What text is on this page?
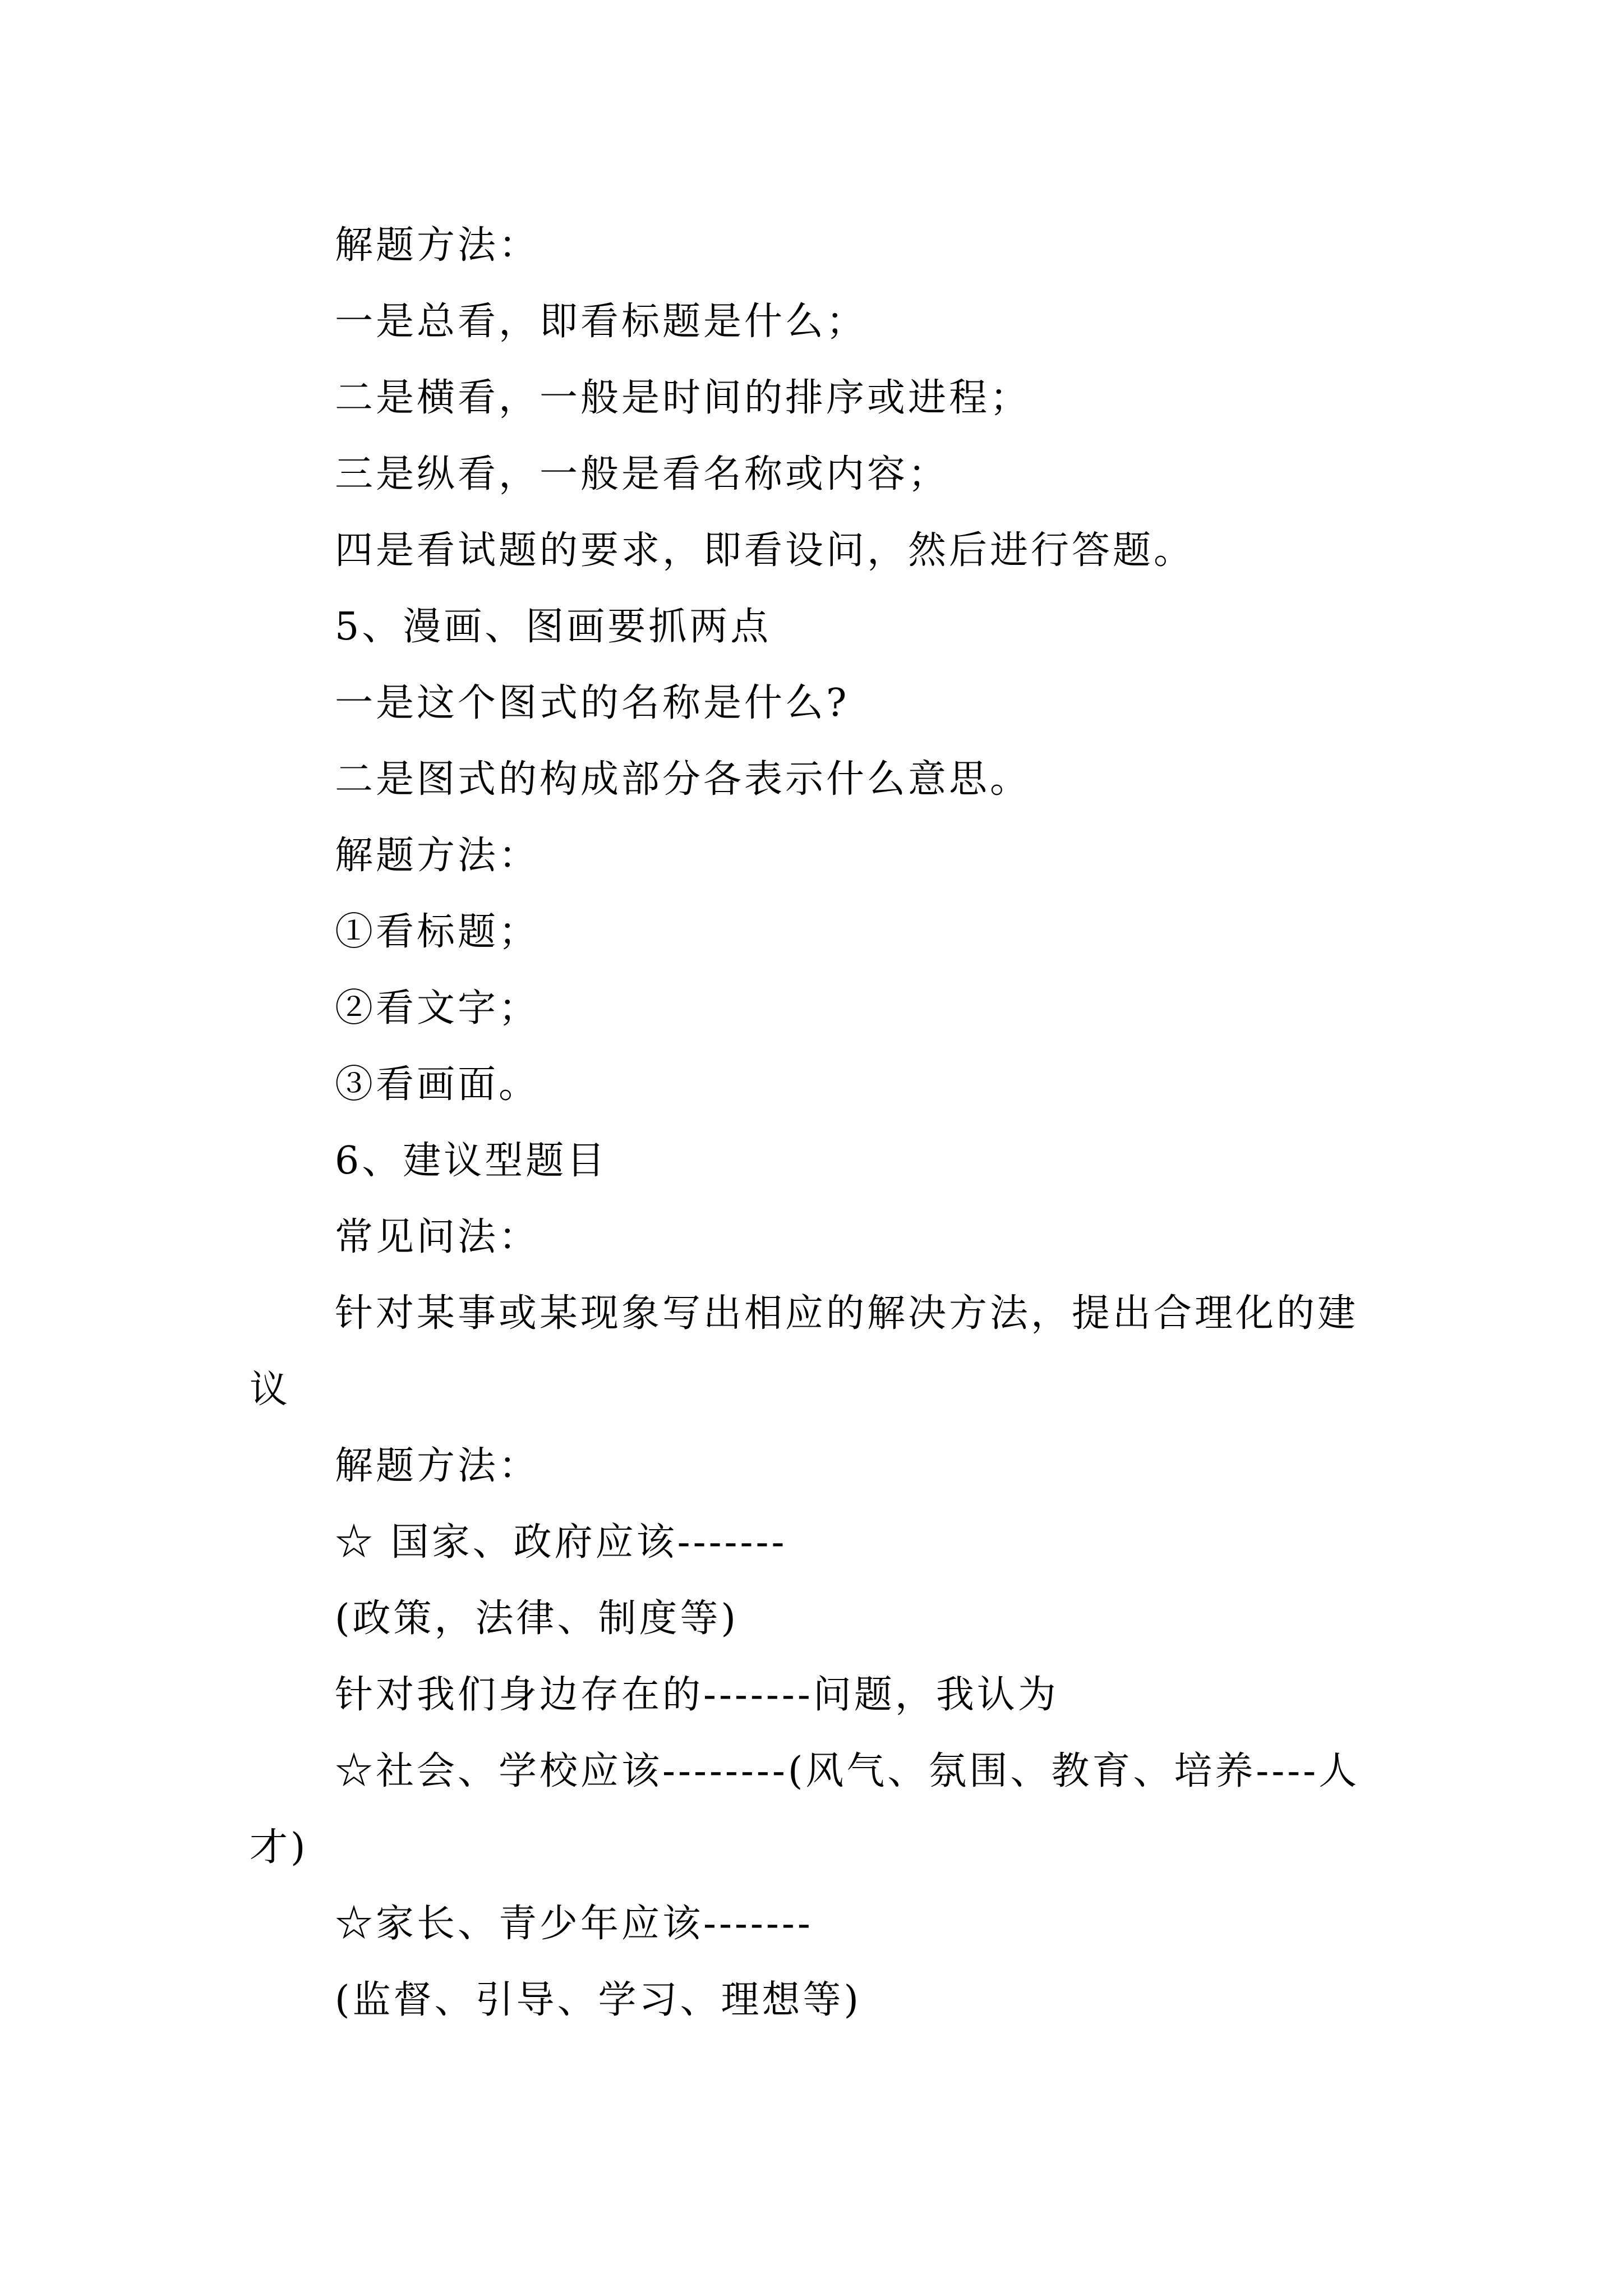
解题方法：

一是总看，即看标题是什么；

二是横看，一般是时间的排序或进程；

三是纵看，一般是看名称或内容；

四是看试题的要求，即看设问，然后进行答题。

5、漫画、图画要抓两点

一是这个图式的名称是什么?

二是图式的构成部分各表示什么意思。

解题方法：

①看标题；

②看文字；

③看画面。

6、建议型题目

常见问法：

针对某事或某现象写出相应的解决方法，提出合理化的建议

解题方法：

☆ 国家、政府应该-------

(政策，法律、制度等)

针对我们身边存在的-------问题，我认为

☆社会、学校应该--------(风气、氛围、教育、培养----人才)

☆家长、青少年应该-------

(监督、引导、学习、理想等)
